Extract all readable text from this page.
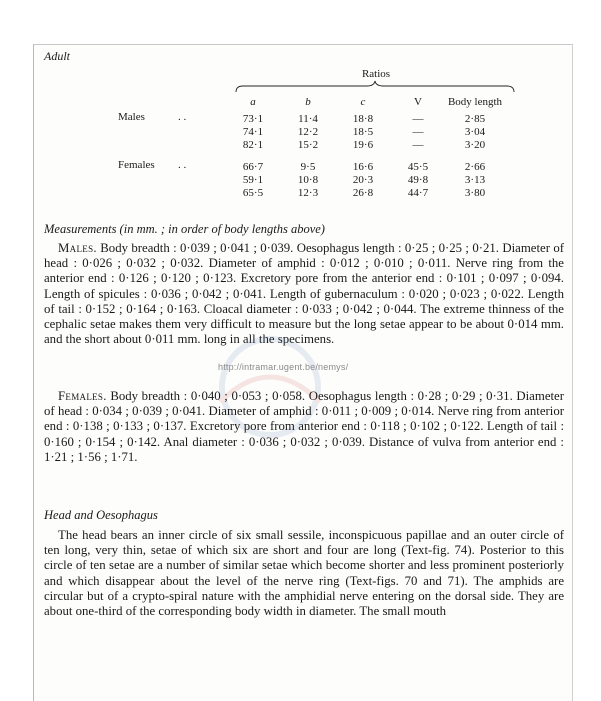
Adult
Ratios
a	b	c	V	Body length
Males	. .	73·1	11·4	18·8	—	2·85
74·1	12·2	18·5	—	3·04
82·1	15·2	19·6	—	3·20
Females . .	66·7	9·5	16·6	45·5	2·66
59·1	10·8	20·3	49·8	3·13
65·5	12·3	26·8	44·7	3·80
Measurements (in mm. ; in order of body lengths above)

Males. Body breadth : 0·039 ; 0·041 ; 0·039. Oesophagus length : 0·25 ; 0·25 ; 0·21. Diameter of head : 0·026 ; 0·032 ; 0·032. Diameter of amphid : 0·012 ; 0·010 ; 0·011. Nerve ring from the anterior end : 0·126 ; 0·120 ; 0·123. Excretory pore from the anterior end : 0·101 ; 0·097 ; 0·094. Length of spicules : 0·036 ; 0·042 ; 0·041. Length of gubernaculum : 0·020 ; 0·023 ; 0·022. Length of tail : 0·152 ; 0·164 ; 0·163. Cloacal diameter : 0·033 ; 0·042 ; 0·044. The extreme thinness of the cephalic setae makes them very difficult to measure but the long setae appear to be about 0·014 mm. and the short about 0·011 mm. long in all the specimens.

http://intramar.ugent.be/nemys/

Females. Body breadth : 0·040 ; 0·053 ; 0·058. Oesophagus length : 0·28 ; 0·29 ; 0·31. Diameter of head : 0·034 ; 0·039 ; 0·041. Diameter of amphid : 0·011 ; 0·009 ; 0·014. Nerve ring from anterior end : 0·138 ; 0·133 ; 0·137. Excretory pore from anterior end : 0·118 ; 0·102 ; 0·122. Length of tail : 0·160 ; 0·154 ; 0·142. Anal diameter : 0·036 ; 0·032 ; 0·039. Distance of vulva from anterior end : 1·21 ; 1·56 ; 1·71.

Head and Oesophagus

The head bears an inner circle of six small sessile, inconspicuous papillae and an outer circle of ten long, very thin, setae of which six are short and four are long (Text-fig. 74). Posterior to this circle of ten setae are a number of similar setae which become shorter and less prominent posteriorly and which disappear about the level of the nerve ring (Text-figs. 70 and 71). The amphids are circular but of a crypto-spiral nature with the amphidial nerve entering on the dorsal side. They are about one-third of the corresponding body width in diameter. The small mouth
